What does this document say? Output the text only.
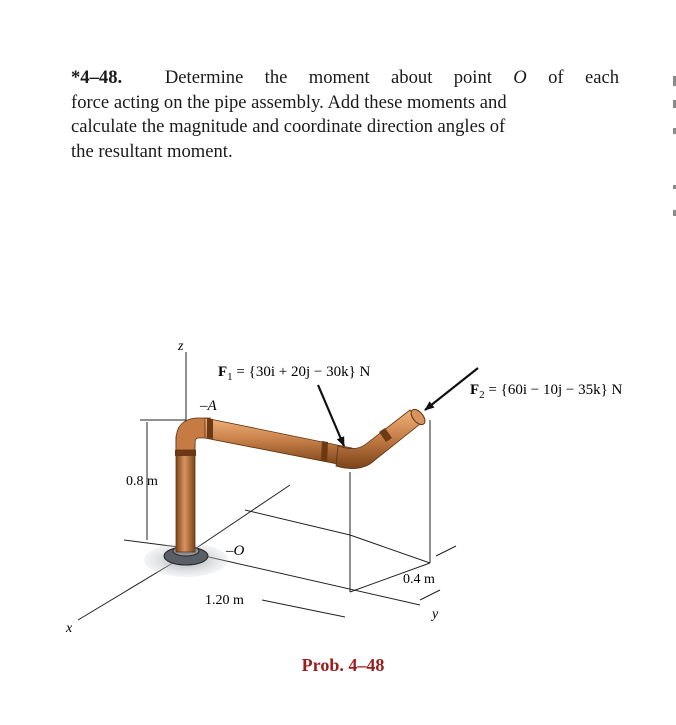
*4–48. Determine the moment about point O of each
force acting on the pipe assembly. Add these moments and
calculate the magnitude and coordinate direction angles of
the resultant moment.
z
x
y
–A
‒O
$F_1 = \{30i + 20j - 30k\}$ N
$F_2 = \{60i - 10j - 35k\}$ N
0.8 m
1.20 m
0.4 m
Prob. 4–48
